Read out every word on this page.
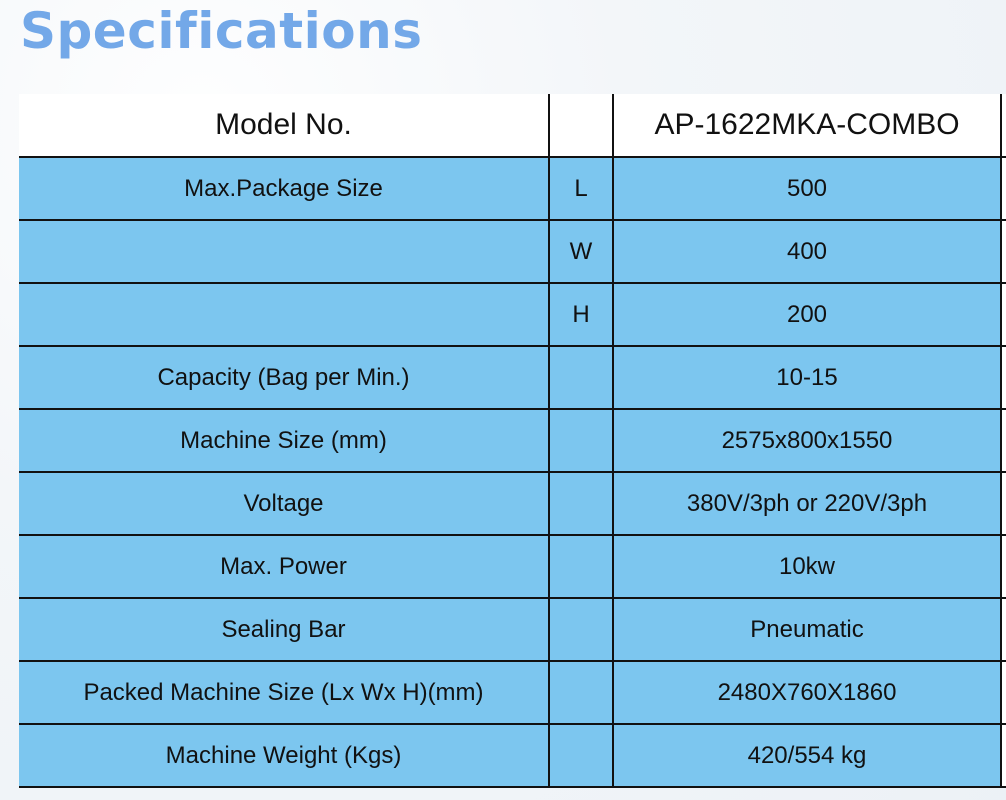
Specifications
Model No.		AP-1622MKA-COMBO	
Max.Package Size	L	500	
	W	400	
	H	200	
Capacity (Bag per Min.)		10-15	
Machine Size (mm)		2575x800x1550	
Voltage		380V/3ph or 220V/3ph	
Max. Power		10kw	
Sealing Bar		Pneumatic	
Packed Machine Size (Lx Wx H)(mm)		2480X760X1860	
Machine Weight (Kgs)		420/554 kg	
